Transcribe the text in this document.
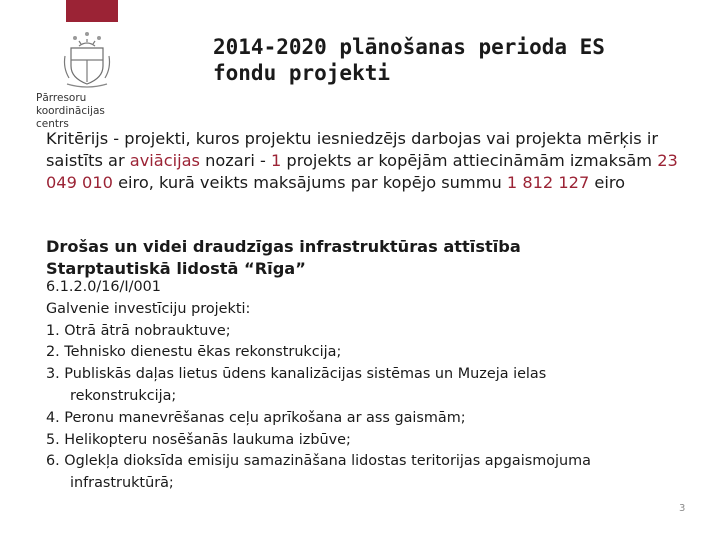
Pārresoru koordinācijas
centrs
2014-2020 plānošanas perioda ES
fondu projekti
Kritērijs - projekti, kuros projektu iesniedzējs darbojas vai projekta mērķis ir saistīts ar aviācijas nozari - 1 projekts ar kopējām attiecināmām izmaksām 23 049 010 eiro, kurā veikts maksājums par kopējo summu 1 812 127 eiro
Drošas un videi draudzīgas infrastruktūras attīstība
Starptautiskā lidostā “Rīga”
6.1.2.0/16/I/001
Galvenie investīciju projekti:
1. Otrā ātrā nobrauktuve;
2. Tehnisko dienestu ēkas rekonstrukcija;
3. Publiskās daļas lietus ūdens kanalizācijas sistēmas un Muzeja ielas
rekonstrukcija;
4. Peronu manevrēšanas ceļu aprīkošana ar ass gaismām;
5. Helikopteru nosēšanās laukuma izbūve;
6. Oglekļa dioksīda emisiju samazināšana lidostas teritorijas apgaismojuma
infrastruktūrā;
3
